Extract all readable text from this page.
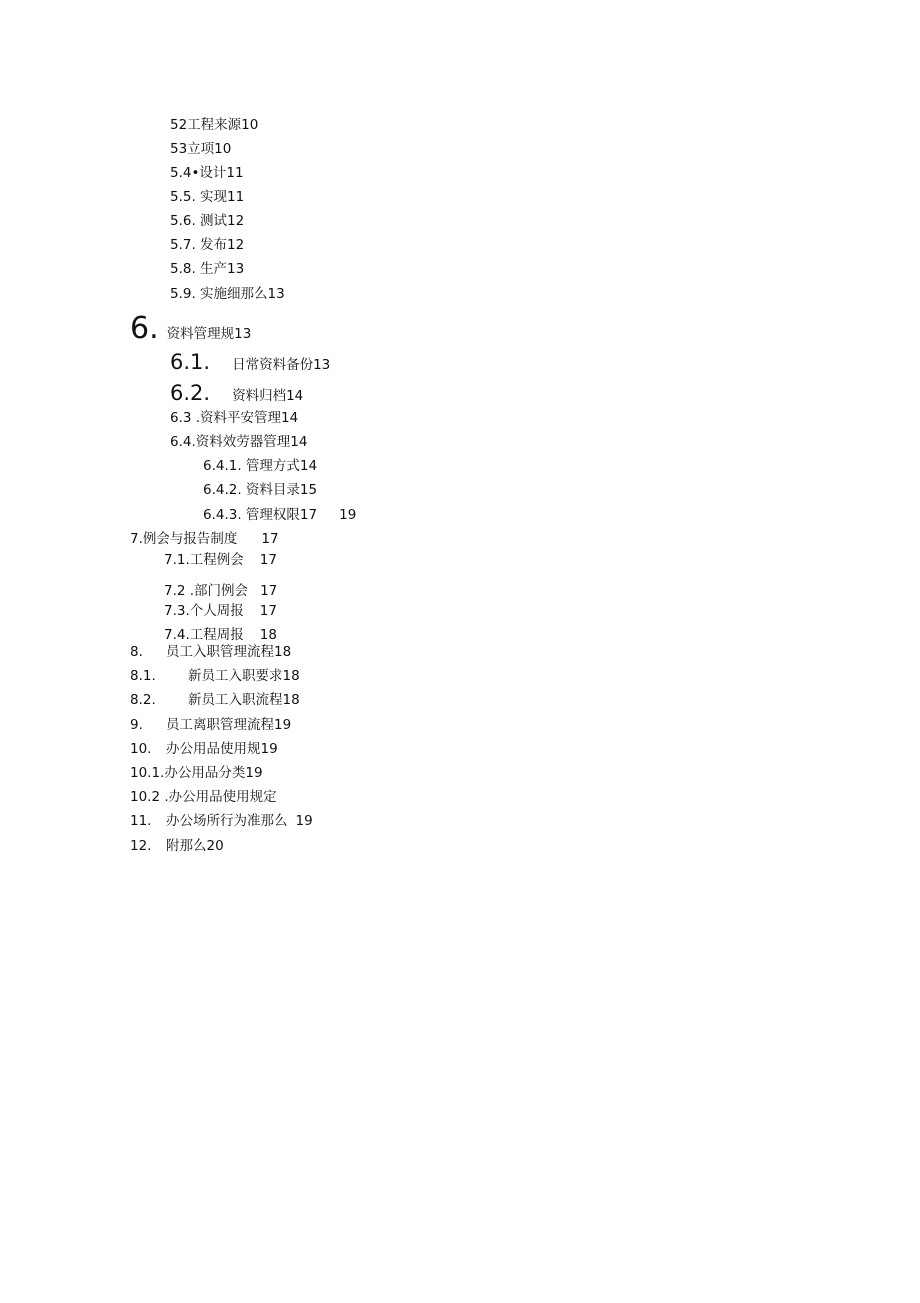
52工程来源10
53立项10
5.4•设计11
5.5. 实现11
5.6. 测试12
5.7. 发布12
5.8. 生产13
5.9. 实施细那么13
6. 资料管理规13
6.1. 日常资料备份13
6.2. 资料归档14
6.3 .资料平安管理14
6.4.资料效劳器管理14
6.4.1. 管理方式14
6.4.2. 资料目录15
6.4.3. 管理权限17 19
7.例会与报告制度 17
7.1.工程例会 17
7.2 .部门例会 17
7.3.个人周报 17
7.4.工程周报 18
8. 员工入职管理流程18
8.1. 新员工入职要求18
8.2. 新员工入职流程18
9. 员工离职管理流程19
10. 办公用品使用规19
10.1.办公用品分类19
10.2 .办公用品使用规定
11. 办公场所行为准那么 19
12. 附那么20
